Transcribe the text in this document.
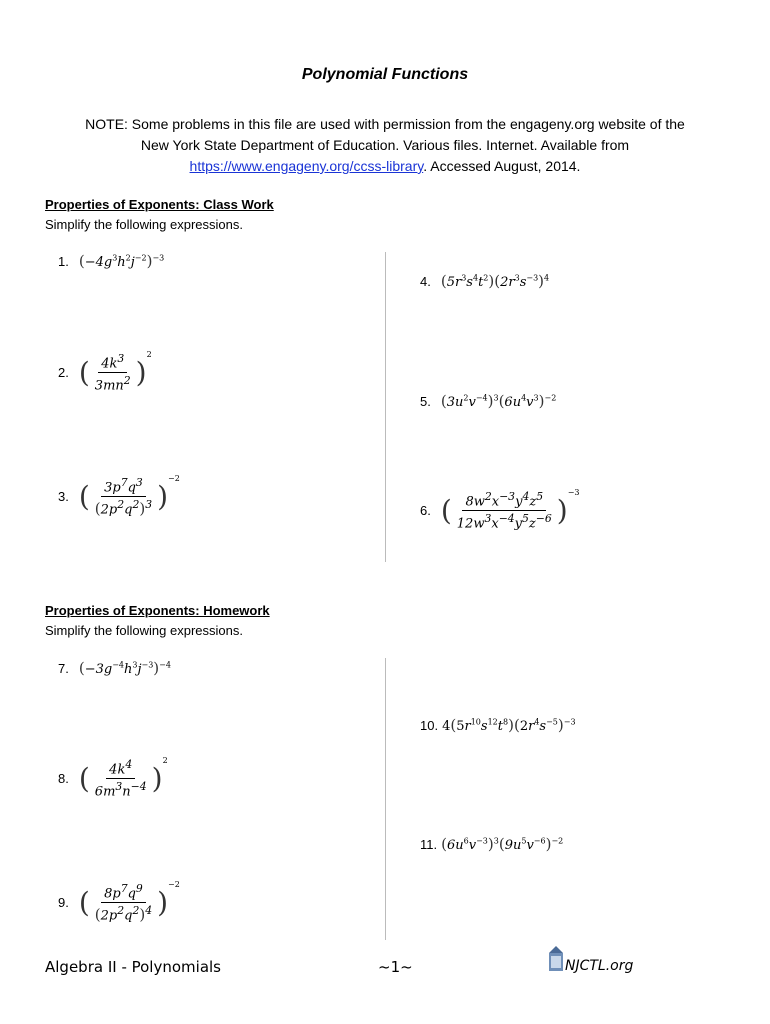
Polynomial Functions
NOTE: Some problems in this file are used with permission from the engageny.org website of the
New York State Department of Education. Various files. Internet. Available from
https://www.engageny.org/ccss-library. Accessed August, 2014.
Properties of Exponents: Class Work
Simplify the following expressions.
1. $(-4g^3h^2j^{-2})^{-3}$
4. $(5r^3s^4t^2)(2r^3s^{-3})^4$
2. ( $\frac{4k^3}{3mn^2}$ )
2
5. $(3u^2v^{-4})^3(6u^4v^3)^{-2}$
3. ( $\frac{3p^7q^3}{(2p^2q^2)^3}$ )
−2
6. ( $\frac{8w^2x^{-3}y^4z^5}{12w^3x^{-4}y^5z^{-6}}$ )
−3
Properties of Exponents: Homework
Simplify the following expressions.
7. $(-3g^{-4}h^3j^{-3})^{-4}$
10. $4(5r^{10}s^{12}t^8)(2r^4s^{-5})^{-3}$
8. ( $\frac{4k^4}{6m^3n^{-4}}$ )
2
11. $(6u^6v^{-3})^3(9u^5v^{-6})^{-2}$
9. ( $\frac{8p^7q^9}{(2p^2q^2)^4}$ )
−2
Algebra II - Polynomials	~1~	NJCTL.org
